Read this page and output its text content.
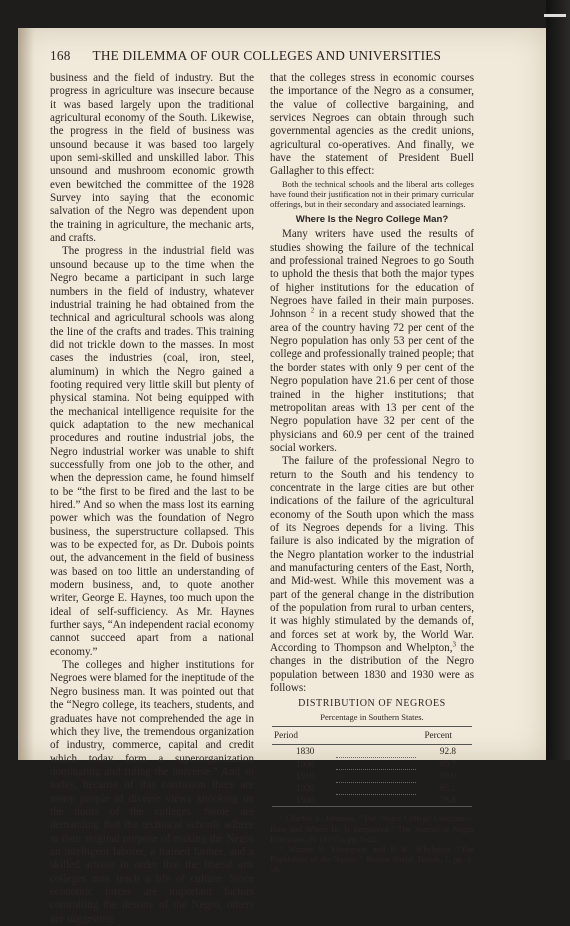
168 THE DILEMMA OF OUR COLLEGES AND UNIVERSITIES

business and the field of industry. But the progress in agriculture was insecure because it was based largely upon the traditional agricultural economy of the South. Likewise, the progress in the field of business was unsound because it was based too largely upon semi-skilled and unskilled labor. This unsound and mushroom economic growth even bewitched the committee of the 1928 Survey into saying that the economic salvation of the Negro was dependent upon the training in agriculture, the mechanic arts, and crafts.

The progress in the industrial field was unsound because up to the time when the Negro became a participant in such large numbers in the field of industry, whatever industrial training he had obtained from the technical and agricultural schools was along the line of the crafts and trades. This training did not trickle down to the masses. In most cases the industries (coal, iron, steel, aluminum) in which the Negro gained a footing required very little skill but plenty of physical stamina. Not being equipped with the mechanical intelligence requisite for the quick adaptation to the new mechanical procedures and routine industrial jobs, the Negro industrial worker was unable to shift successfully from one job to the other, and when the depression came, he found himself to be “the first to be fired and the last to be hired.” And so when the mass lost its earning power which was the foundation of Negro business, the superstructure collapsed. This was to be expected for, as Dr. Dubois points out, the advancement in the field of business was based on too little an understanding of modern business, and, to quote another writer, George E. Haynes, too much upon the ideal of self-sufficiency. As Mr. Haynes further says, “An independent racial economy cannot succeed apart from a national economy.”

The colleges and higher institutions for Negroes were blamed for the ineptitude of the Negro business man. It was pointed out that the “Negro college, its teachers, students, and graduates have not comprehended the age in which they live, the tremendous organization of industry, commerce, capital and credit which today form a superorganization dominating and ruling the universe.” And so today, because of this confusion there are many people of diverse views knocking on the doors of the colleges. Some are demanding that the technical schools adhere to their original purpose of making the Negro an intelligent laborer, a trained farmer, and a skilled artisan in order that the liberal arts colleges may teach a life of culture. Since economic forces are important factors controlling the destiny of the Negro, others are suggesting

that the colleges stress in economic courses the importance of the Negro as a consumer, the value of collective bargaining, and services Negroes can obtain through such governmental agencies as the credit unions, agricultural co-operatives. And finally, we have the statement of President Buell Gallagher to this effect:

Both the technical schools and the liberal arts colleges have found their justification not in their primary curricular offerings, but in their secondary and associated learnings.

Where Is the Negro College Man?

Many writers have used the results of studies showing the failure of the technical and professional trained Negroes to go South to uphold the thesis that both the major types of higher institutions for the education of Negroes have failed in their main purposes. Johnson $^2$ in a recent study showed that the area of the country having 72 per cent of the Negro population has only 53 per cent of the college and professionally trained people; that the border states with only 9 per cent of the Negro population have 21.6 per cent of those trained in the higher institutions; that metropolitan areas with 13 per cent of the Negro population have 32 per cent of the physicians and 60.9 per cent of the trained social workers.

The failure of the professional Negro to return to the South and his tendency to concentrate in the large cities are but other indications of the failure of the agricultural economy of the South upon which the mass of its Negroes depends for a living. This failure is also indicated by the migration of the Negro plantation worker to the industrial and manufacturing centers of the East, North, and Mid-west. While this movement was a part of the general change in the distribution of the population from rural to urban centers, it was highly stimulated by the demands of, and forces set at work by, the World War. According to Thompson and Whelpton,$^3$ the changes in the distribution of the Negro population between 1830 and 1930 were as follows:

DISTRIBUTION OF NEGROES
Percentage in Southern States.
Period		Percent
1830		92.8
1900		89.7
1910		89.0
1920		85.1
1930		78.8

² Charles S. Johnson, “The Negro College Graduate—How and Where He Is Employed,” The Journal of Negro Education, IV (1935), pp. 5-22.

³ Warren S. Thompson and P. K. Whelpton, “The Population of the Nation,” Recent Social Trends, I, pp. 1-58.
